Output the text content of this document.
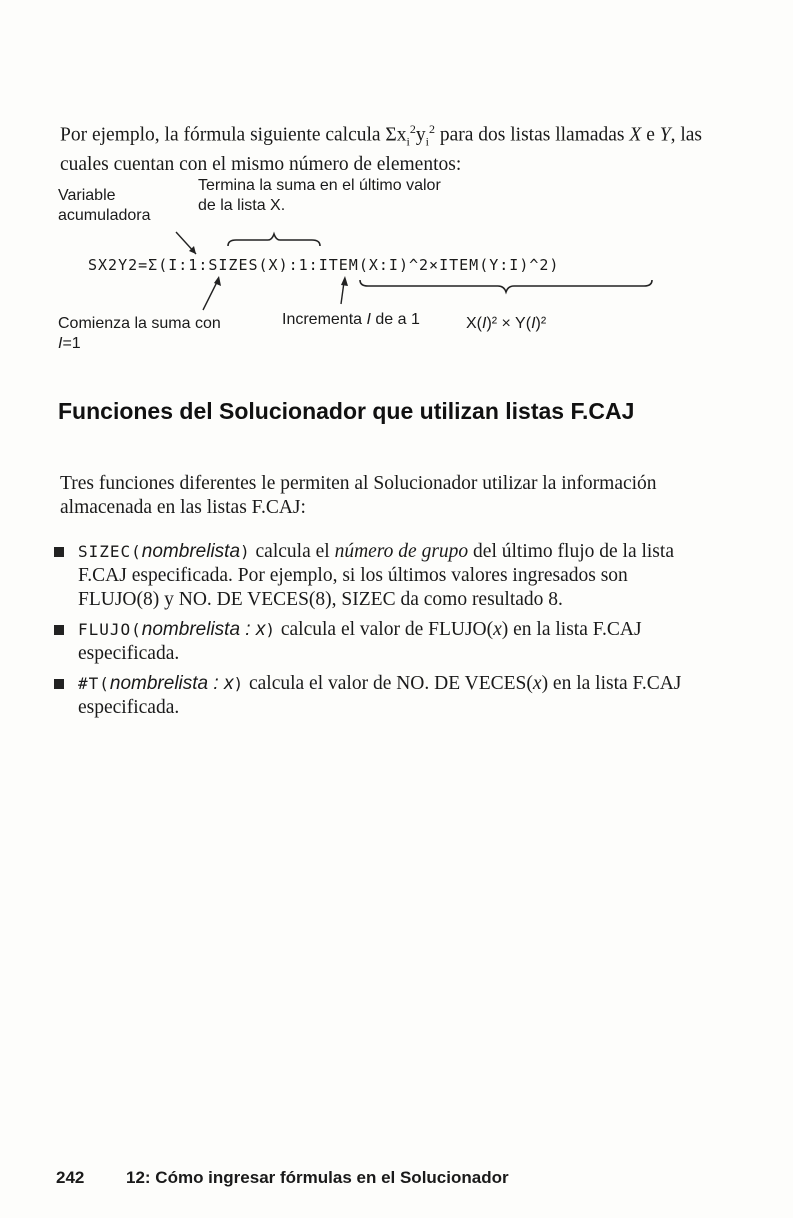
Por ejemplo, la fórmula siguiente calcula $\Sigma x_i^2y_i^2$ para dos listas llamadas X e Y, las cuales cuentan con el mismo número de elementos:
Variable acumuladora
Termina la suma en el último valor de la lista X.
SX2Y2=Σ(I:1:SIZES(X):1:ITEM(X:I)^2×ITEM(Y:I)^2)
Comienza la suma con
I=1
Incrementa I de a 1	X(I)² × Y(I)²
Funciones del Solucionador que utilizan listas F.CAJ
Tres funciones diferentes le permiten al Solucionador utilizar la información almacenada en las listas F.CAJ:
SIZEC(nombrelista) calcula el número de grupo del último flujo de la lista F.CAJ especificada. Por ejemplo, si los últimos valores ingresados son FLUJO(8) y NO. DE VECES(8), SIZEC da como resultado 8.
FLUJO(nombrelista : x) calcula el valor de FLUJO(x) en la lista F.CAJ especificada.
#T(nombrelista : x) calcula el valor de NO. DE VECES(x) en la lista F.CAJ especificada.
242 12: Cómo ingresar fórmulas en el Solucionador
